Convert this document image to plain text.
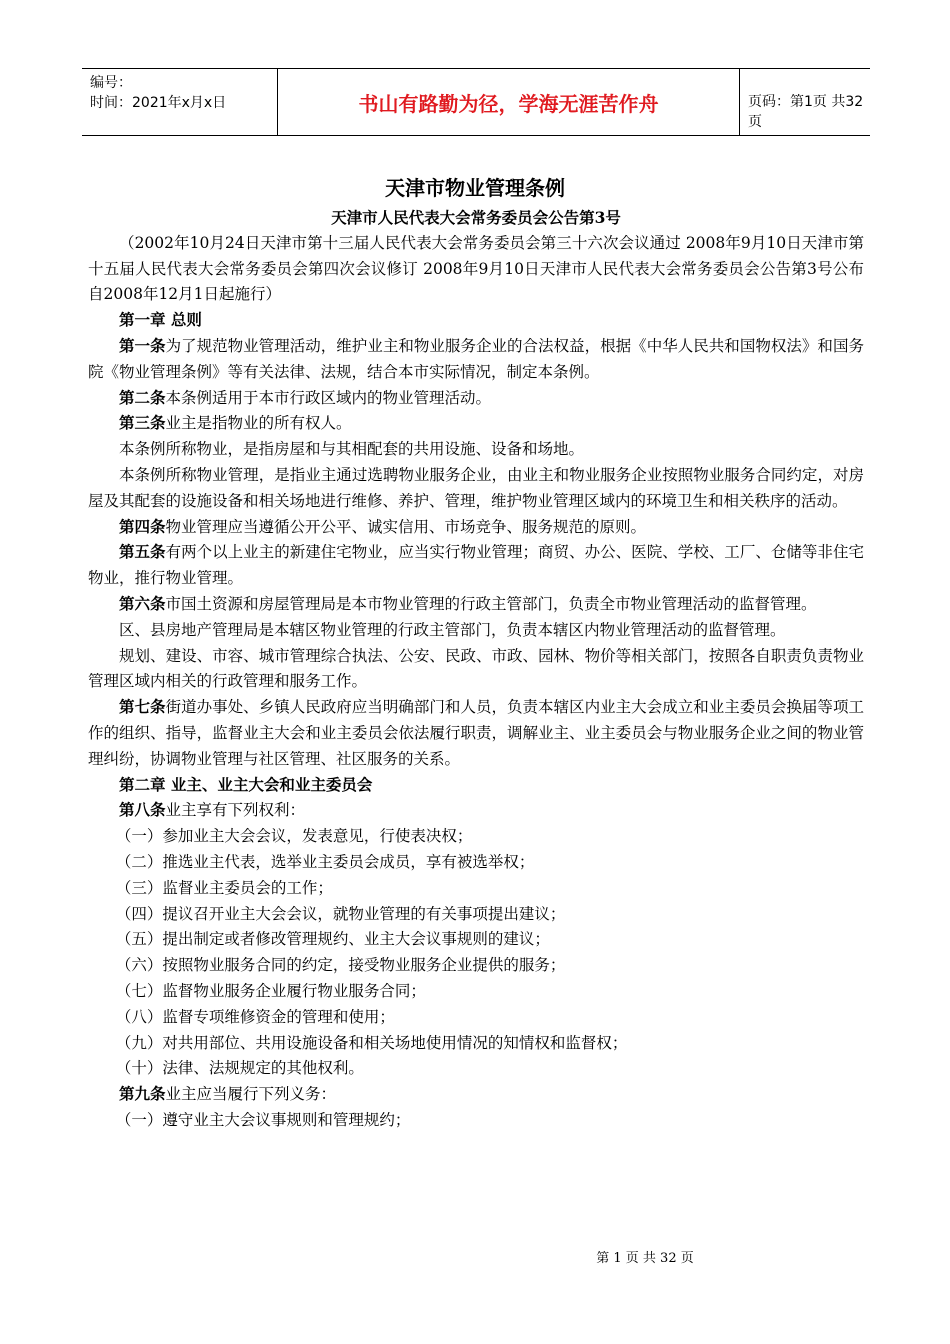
编号：
时间：2021年x月x日	书山有路勤为径，学海无涯苦作舟	页码：第1页 共32页
天津市物业管理条例

天津市人民代表大会常务委员会公告第3号

（2002年10月24日天津市第十三届人民代表大会常务委员会第三十六次会议通过 2008年9月10日天津市第十五届人民代表大会常务委员会第四次会议修订 2008年9月10日天津市人民代表大会常务委员会公告第3号公布 自2008年12月1日起施行）

第一章 总则

第一条为了规范物业管理活动，维护业主和物业服务企业的合法权益，根据《中华人民共和国物权法》和国务院《物业管理条例》等有关法律、法规，结合本市实际情况，制定本条例。

第二条本条例适用于本市行政区域内的物业管理活动。

第三条业主是指物业的所有权人。

本条例所称物业，是指房屋和与其相配套的共用设施、设备和场地。

本条例所称物业管理，是指业主通过选聘物业服务企业，由业主和物业服务企业按照物业服务合同约定，对房屋及其配套的设施设备和相关场地进行维修、养护、管理，维护物业管理区域内的环境卫生和相关秩序的活动。

第四条物业管理应当遵循公开公平、诚实信用、市场竞争、服务规范的原则。

第五条有两个以上业主的新建住宅物业，应当实行物业管理；商贸、办公、医院、学校、工厂、仓储等非住宅物业，推行物业管理。

第六条市国土资源和房屋管理局是本市物业管理的行政主管部门，负责全市物业管理活动的监督管理。

区、县房地产管理局是本辖区物业管理的行政主管部门，负责本辖区内物业管理活动的监督管理。

规划、建设、市容、城市管理综合执法、公安、民政、市政、园林、物价等相关部门，按照各自职责负责物业管理区域内相关的行政管理和服务工作。

第七条街道办事处、乡镇人民政府应当明确部门和人员，负责本辖区内业主大会成立和业主委员会换届等项工作的组织、指导，监督业主大会和业主委员会依法履行职责，调解业主、业主委员会与物业服务企业之间的物业管理纠纷，协调物业管理与社区管理、社区服务的关系。

第二章 业主、业主大会和业主委员会

第八条业主享有下列权利：

（一）参加业主大会会议，发表意见，行使表决权；

（二）推选业主代表，选举业主委员会成员，享有被选举权；

（三）监督业主委员会的工作；

（四）提议召开业主大会会议，就物业管理的有关事项提出建议；

（五）提出制定或者修改管理规约、业主大会议事规则的建议；

（六）按照物业服务合同的约定，接受物业服务企业提供的服务；

（七）监督物业服务企业履行物业服务合同；

（八）监督专项维修资金的管理和使用；

（九）对共用部位、共用设施设备和相关场地使用情况的知情权和监督权；

（十）法律、法规规定的其他权利。

第九条业主应当履行下列义务：

（一）遵守业主大会议事规则和管理规约；

第 1 页 共 32 页
